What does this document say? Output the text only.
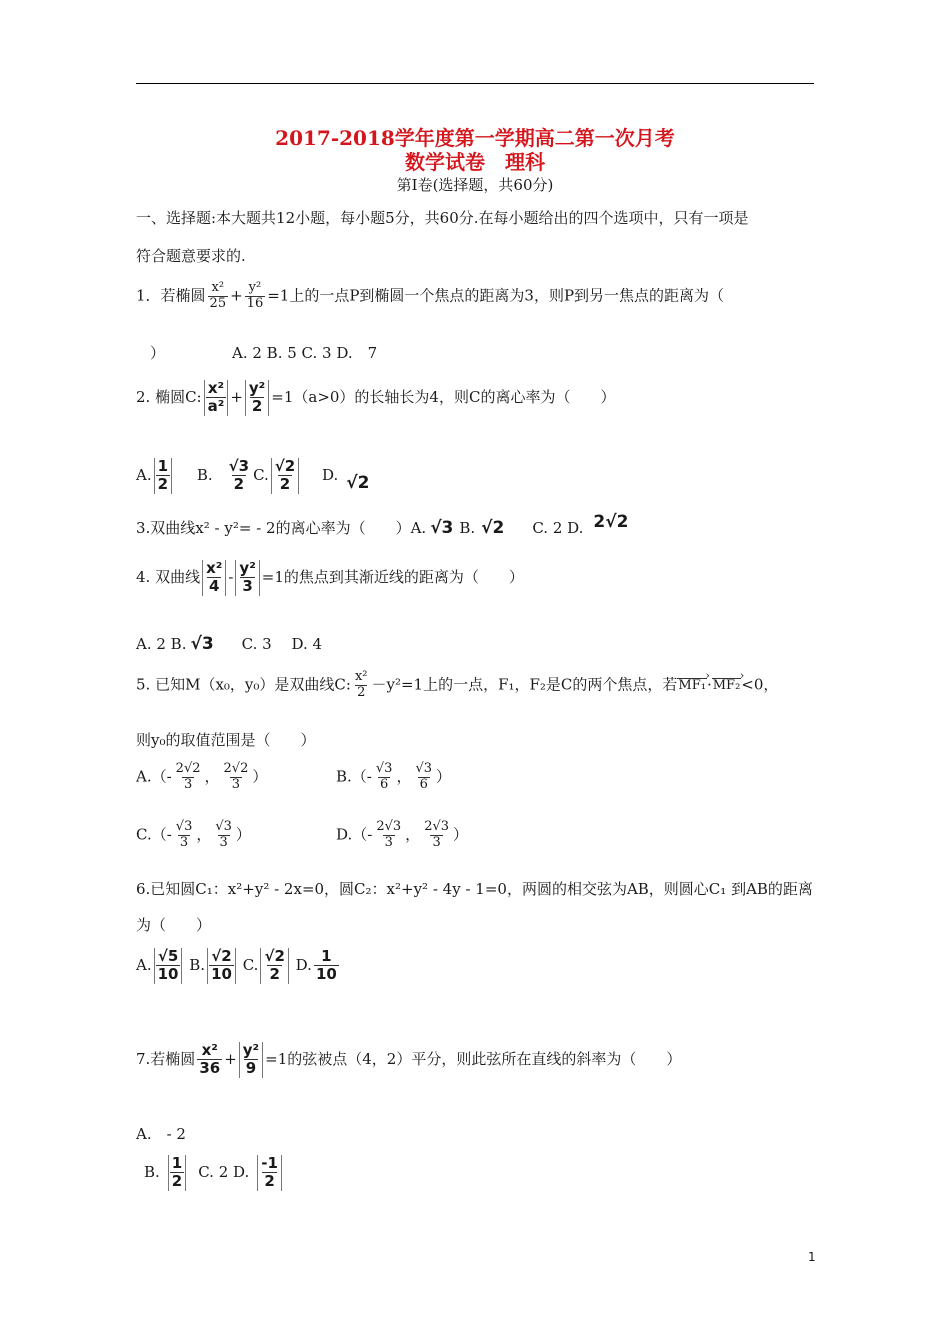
2017-2018学年度第一学期高二第一次月考
数学试卷　理科
第Ⅰ卷(选择题，共60分)
一、选择题:本大题共12小题，每小题5分，共60分.在每小题给出的四个选项中，只有一项是
符合题意要求的.
1．若椭圆 $\frac{\text{x²}}{25} + \frac{\text{y²}}{16} =1$上的一点P到椭圆一个焦点的距离为3，则P到另一焦点的距离为（
）	A. 2 B. 5 C. 3 D.　7
2. 椭圆C: $\frac{\text{x²}}{\text{a²}} + \frac{\text{y²}}{2} =1(a>0)$的长轴长为4，则C的离心率为（　　）
A. $\frac{1}{2} B$. $\frac{√3}{2} C$. $\frac{√2}{2} D$. √2
3.双曲线x² - y²= - 2的离心率为（　　）A. √3 B. √2 C. 2 D. 2√2
4. 双曲线 $\frac{\text{x²}}{4} - \frac{\text{y²}}{3} =1$的焦点到其渐近线的距离为（　　）
A. 2 B. √3 C. 3　 D. 4
5. 已知M（x₀，y₀）是双曲线C: $\frac{\text{x²}}{2} -y^2=1$上的一点，F₁，F₂是C的两个焦点，若MF₁ ›·MF₂ ›<0，
则y₀的取值范围是（　　）
$A.(- \frac{2√2}{3}$ ， $\frac{2√2}{3}$ ）	$B.(- \frac{√3}{6}$ ， $\frac{√3}{6}$ ）
$C.(- \frac{√3}{3}$ ， $\frac{√3}{3}$ ）	$D.(- \frac{2√3}{3}$ ， $\frac{2√3}{3}$ ）
6.已知圆C₁：x²+y² - 2x=0，圆C₂：x²+y² - 4y - 1=0，两圆的相交弦为AB，则圆心C₁ 到AB的距离
为（　　）
A. $\frac{√5}{10} B$. $\frac{√2}{10} C$. $\frac{√2}{2} D$. $\frac{1}{10}$
7.若椭圆 $\frac{\text{x²}}{36} + \frac{\text{y²}}{9} =1$的弦被点（4，2）平分，则此弦所在直线的斜率为（　　）
A.　- 2
B. $\frac{1}{2} C$. 2 D. $\frac{-1}{2}$
1
